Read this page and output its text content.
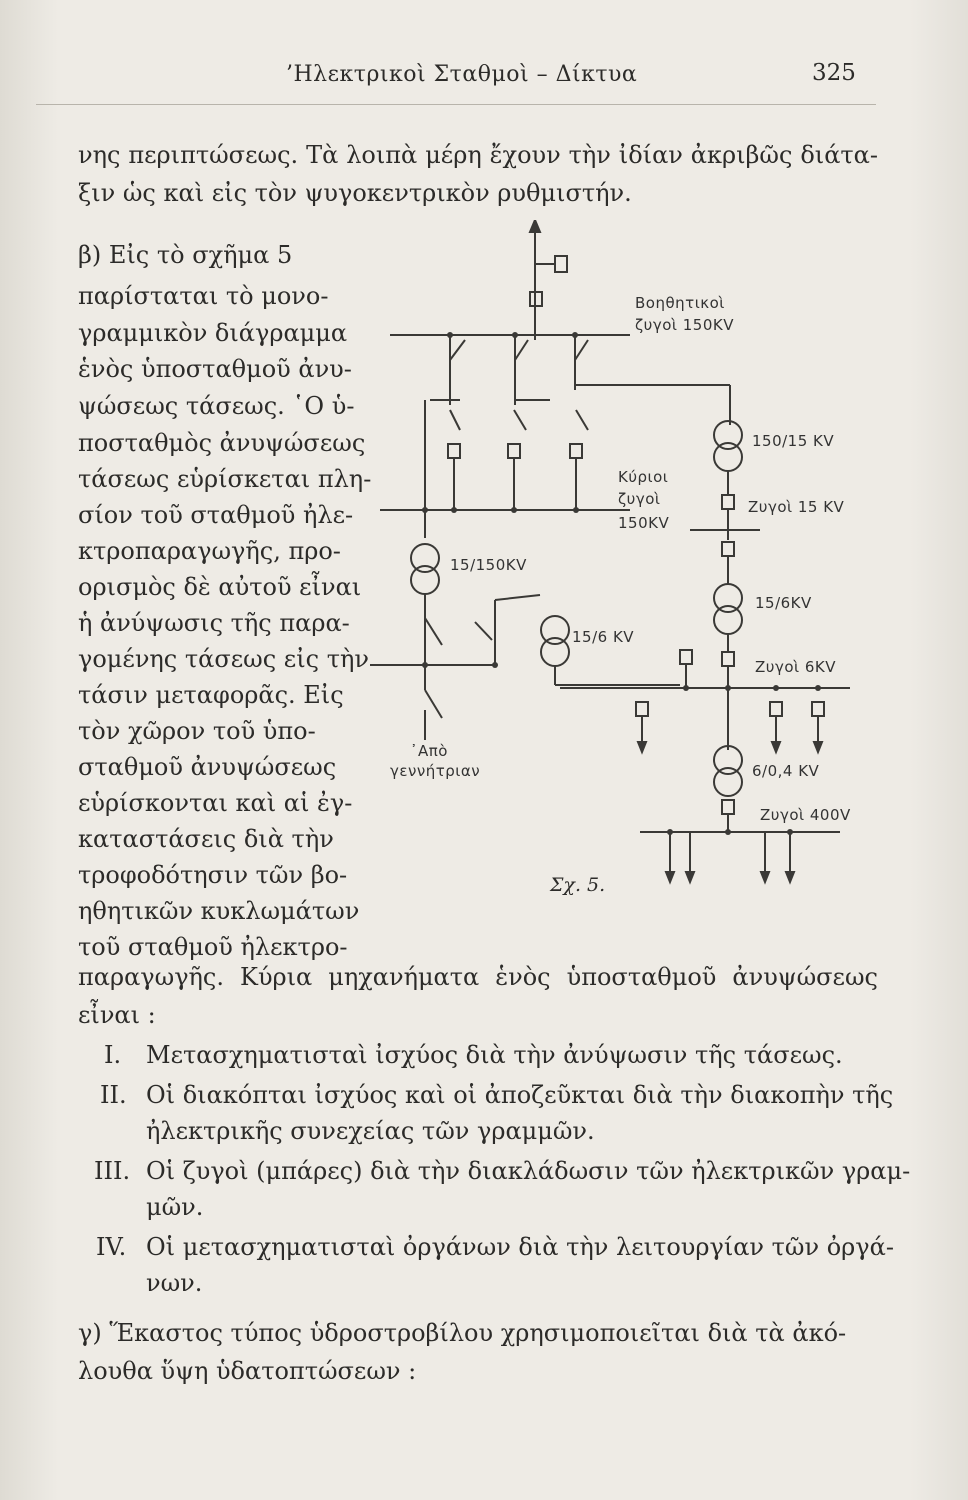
’Ηλεκτρικοὶ Σταθμοὶ – Δίκτυα	325
νης περιπτώσεως. Τὰ λοιπὰ μέρη ἔχουν τὴν ἰδίαν ἀκριβῶς διάτα-
ξιν ὡς καὶ εἰς τὸν ψυγοκεντρικὸν ρυθμιστήν.
β) Εἰς τὸ σχῆμα 5
παρίσταται τὸ μονο-
γραμμικὸν διάγραμμα
ἑνὸς ὑποσταθμοῦ ἀνυ-
ψώσεως τάσεως. ῾Ο ὑ-
ποσταθμὸς ἀνυψώσεως
τάσεως εὑρίσκεται πλη-
σίον τοῦ σταθμοῦ ἠλε-
κτροπαραγωγῆς, προ-
ορισμὸς δὲ αὐτοῦ εἶναι
ἡ ἀνύψωσις τῆς παρα-
γομένης τάσεως εἰς τὴν
τάσιν μεταφορᾶς. Εἰς
τὸν χῶρον τοῦ ὑπο-
σταθμοῦ ἀνυψώσεως
εὑρίσκονται καὶ αἱ ἐγ-
καταστάσεις διὰ τὴν
τροφοδότησιν τῶν βο-
ηθητικῶν κυκλωμάτων
τοῦ σταθμοῦ ἠλεκτρο-
παραγωγῆς. Κύρια μηχανήματα ἑνὸς ὑποσταθμοῦ ἀνυψώσεως
εἶναι :
I. Μετασχηματισταὶ ἰσχύος διὰ τὴν ἀνύψωσιν τῆς τάσεως.
II. Οἱ διακόπται ἰσχύος καὶ οἱ ἀποζεῦκται διὰ τὴν διακοπὴν τῆς
ἠλεκτρικῆς συνεχείας τῶν γραμμῶν.
III. Οἱ ζυγοὶ (μπάρες) διὰ τὴν διακλάδωσιν τῶν ἠλεκτρικῶν γραμ-
μῶν.
IV. Οἱ μετασχηματισταὶ ὀργάνων διὰ τὴν λειτουργίαν τῶν ὀργά-
νων.
γ) Ἕκαστος τύπος ὑδροστροβίλου χρησιμοποιεῖται διὰ τὰ ἀκό-
λουθα ὕψη ὑδατοπτώσεων :
Βοηθητικοὶ
ζυγοὶ 150KV
150/15 KV
Κύριοι
ζυγοὶ
150KV
Ζυγοὶ 15 KV
15/150KV
15/6 KV
15/6KV
Ζυγοὶ 6KV
6/0,4 KV
Ζυγοὶ 400V
᾽Απὸ
γεννήτριαν
Σχ. 5.
